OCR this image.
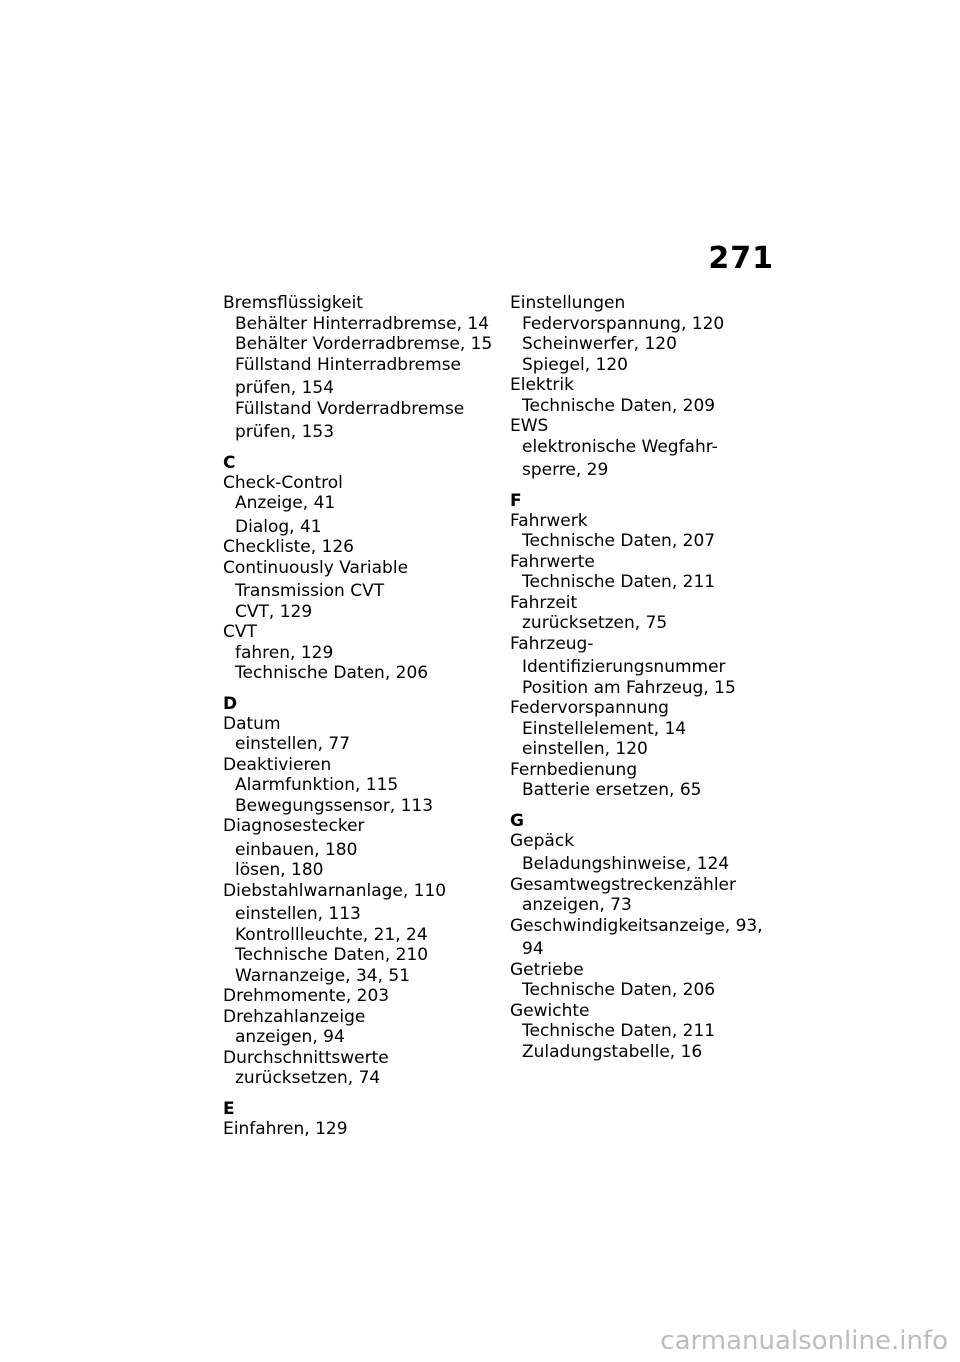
271
Bremsflüssigkeit
Behälter Hinterradbremse, 14
Behälter Vorderradbremse, 15
Füllstand Hinterradbremse
prüfen, 154
Füllstand Vorderradbremse
prüfen, 153
C
Check-Control
Anzeige, 41
Dialog, 41
Checkliste, 126
Continuously Variable
Transmission CVT
CVT, 129
CVT
fahren, 129
Technische Daten, 206
D
Datum
einstellen, 77
Deaktivieren
Alarmfunktion, 115
Bewegungssensor, 113
Diagnosestecker
einbauen, 180
lösen, 180
Diebstahlwarnanlage, 110
einstellen, 113
Kontrollleuchte, 21, 24
Technische Daten, 210
Warnanzeige, 34, 51
Drehmomente, 203
Drehzahlanzeige
anzeigen, 94
Durchschnittswerte
zurücksetzen, 74
E
Einfahren, 129
Einstellungen
Federvorspannung, 120
Scheinwerfer, 120
Spiegel, 120
Elektrik
Technische Daten, 209
EWS
elektronische Wegfahr-
sperre, 29
F
Fahrwerk
Technische Daten, 207
Fahrwerte
Technische Daten, 211
Fahrzeit
zurücksetzen, 75
Fahrzeug-
Identifizierungsnummer
Position am Fahrzeug, 15
Federvorspannung
Einstellelement, 14
einstellen, 120
Fernbedienung
Batterie ersetzen, 65
G
Gepäck
Beladungshinweise, 124
Gesamtwegstreckenzähler
anzeigen, 73
Geschwindigkeitsanzeige, 93,
94
Getriebe
Technische Daten, 206
Gewichte
Technische Daten, 211
Zuladungstabelle, 16
carmanualsonline.info
